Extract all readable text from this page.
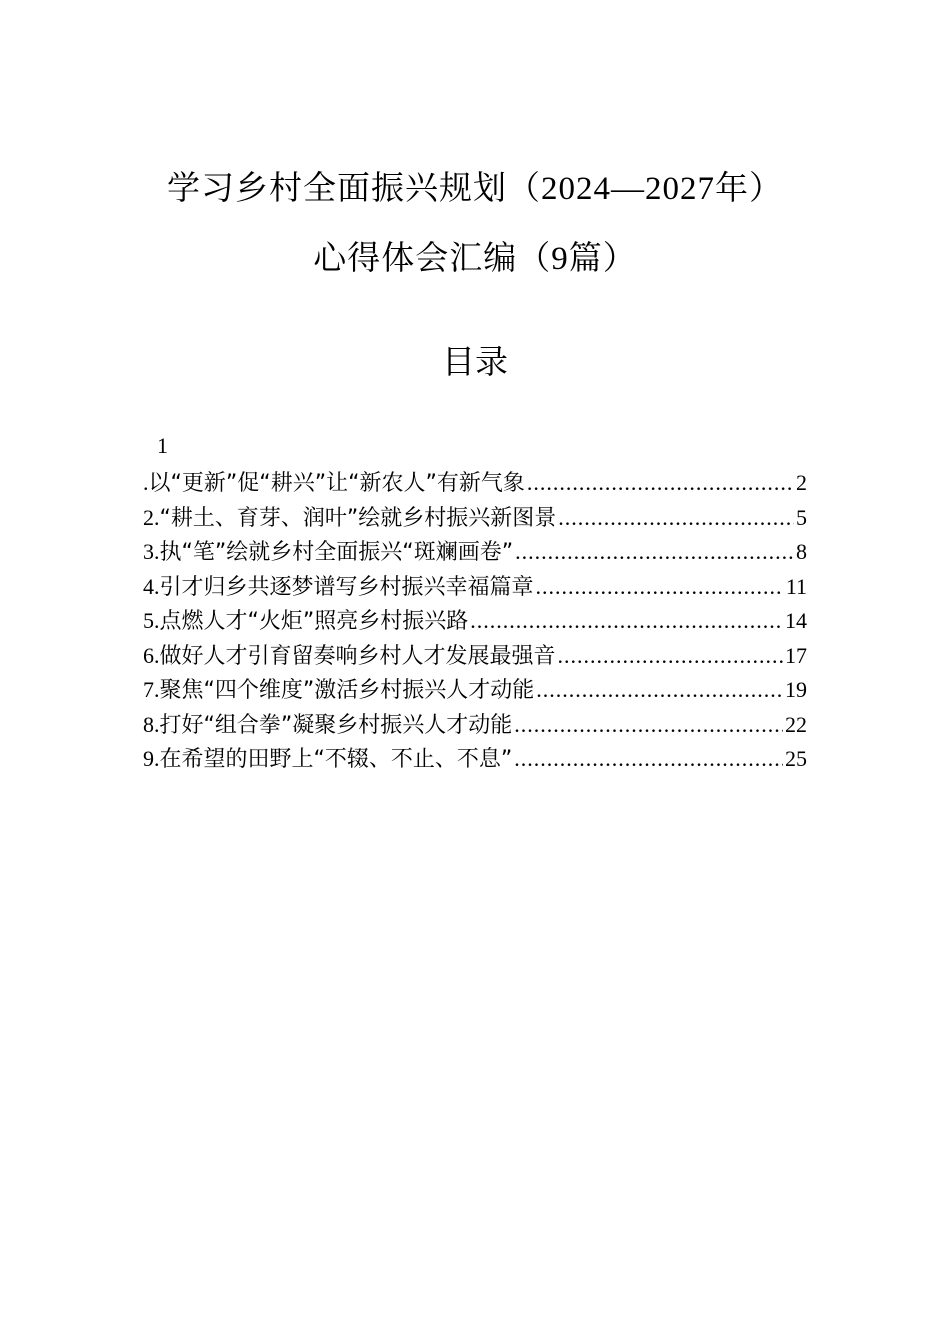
学习乡村全面振兴规划（2024—2027年）
心得体会汇编（9篇）
目录
1
. 以“更新”促“耕兴”让“新农人”有新气象 .....	2
2. “耕土、育芽、润叶”绘就乡村振兴新图景 .....	5
3. 执“笔”绘就乡村全面振兴“斑斓画卷” .....	8
4. 引才归乡共逐梦谱写乡村振兴幸福篇章 .....	11
5. 点燃人才“火炬”照亮乡村振兴路 .....	14
6. 做好人才引育留奏响乡村人才发展最强音 .....	17
7. 聚焦“四个维度”激活乡村振兴人才动能 .....	19
8. 打好“组合拳”凝聚乡村振兴人才动能 .....	22
9. 在希望的田野上“不辍、不止、不息” .....	25
